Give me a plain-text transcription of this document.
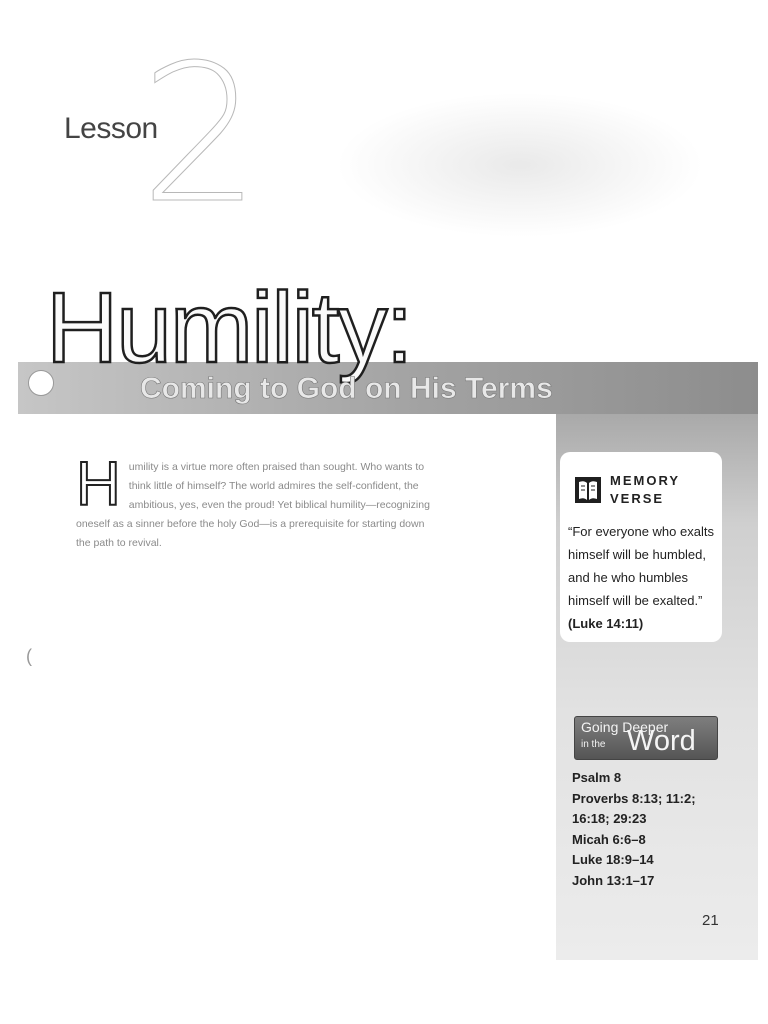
2
Lesson
Humility:
Coming to God on His Terms
H umility is a virtue more often praised than sought. Who wants to think little of himself? The world admires the self-confident, the ambitious, yes, even the proud! Yet biblical humility—recognizing oneself as a sinner before the holy God—is a prerequisite for starting down the path to revival.
(
MEMORY VERSE
“For everyone who exalts himself will be humbled, and he who humbles himself will be exalted.” (Luke 14:11)
Going Deeper
in the Word
Psalm 8
Proverbs 8:13; 11:2;
16:18; 29:23
Micah 6:6–8
Luke 18:9–14
John 13:1–17
21
